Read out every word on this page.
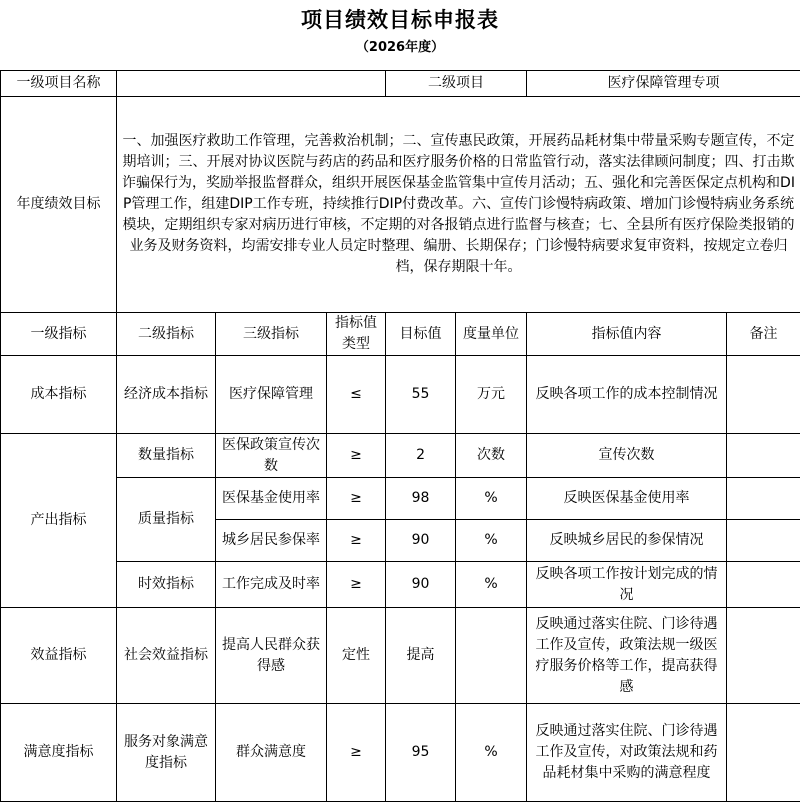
项目绩效目标申报表
（2026年度）
一级项目名称				二级项目		医疗保障管理专项	
年度绩效目标	一、加强医疗救助工作管理，完善救治机制；二、宣传惠民政策，开展药品耗材集中带量采购专题宣传，不定期培训；三、开展对协议医院与药店的药品和医疗服务价格的日常监管行动，落实法律顾问制度；四、打击欺诈骗保行为，奖励举报监督群众，组织开展医保基金监管集中宣传月活动；五、强化和完善医保定点机构和DIP管理工作，组建DIP工作专班，持续推行DIP付费改革。六、宣传门诊慢特病政策、增加门诊慢特病业务系统模块，定期组织专家对病历进行审核，不定期的对各报销点进行监督与核查；七、全县所有医疗保险类报销的业务及财务资料，均需安排专业人员定时整理、编册、长期保存；门诊慢特病要求复审资料，按规定立卷归档，保存期限十年。						
一级指标	二级指标	三级指标	指标值类型	目标值	度量单位	指标值内容	备注
成本指标	经济成本指标	医疗保障管理	≤	55	万元	反映各项工作的成本控制情况	
产出指标	数量指标	医保政策宣传次数	≥	2	次数	宣传次数	
	质量指标	医保基金使用率	≥	98	%	反映医保基金使用率	
		城乡居民参保率	≥	90	%	反映城乡居民的参保情况	
	时效指标	工作完成及时率	≥	90	%	反映各项工作按计划完成的情况	
效益指标	社会效益指标	提高人民群众获得感	定性	提高		反映通过落实住院、门诊待遇工作及宣传，政策法规一级医疗服务价格等工作，提高获得感	
满意度指标	服务对象满意度指标	群众满意度	≥	95	%	反映通过落实住院、门诊待遇工作及宣传，对政策法规和药品耗材集中采购的满意程度	
